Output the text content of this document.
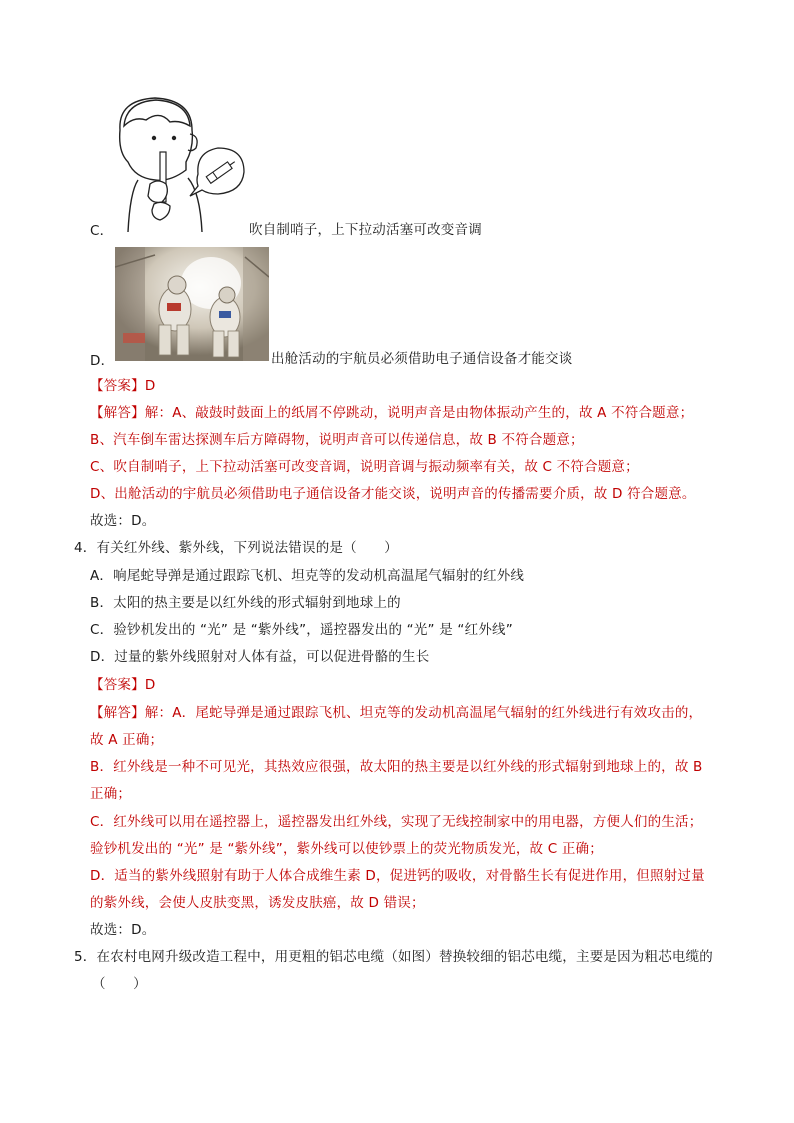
C．	吹自制哨子，上下拉动活塞可改变音调
D．	出舱活动的宇航员必须借助电子通信设备才能交谈
【答案】D
【解答】解：A、敲鼓时鼓面上的纸屑不停跳动，说明声音是由物体振动产生的，故 A 不符合题意；
B、汽车倒车雷达探测车后方障碍物，说明声音可以传递信息，故 B 不符合题意；
C、吹自制哨子，上下拉动活塞可改变音调，说明音调与振动频率有关，故 C 不符合题意；
D、出舱活动的宇航员必须借助电子通信设备才能交谈，说明声音的传播需要介质，故 D 符合题意。
故选：D。
4．有关红外线、紫外线，下列说法错误的是（　　）
A．响尾蛇导弹是通过跟踪飞机、坦克等的发动机高温尾气辐射的红外线
B．太阳的热主要是以红外线的形式辐射到地球上的
C．验钞机发出的 “光” 是 “紫外线”，遥控器发出的 “光” 是 “红外线”
D．过量的紫外线照射对人体有益，可以促进骨骼的生长
【答案】D
【解答】解：A．尾蛇导弹是通过跟踪飞机、坦克等的发动机高温尾气辐射的红外线进行有效攻击的，
故 A 正确；
B．红外线是一种不可见光，其热效应很强，故太阳的热主要是以红外线的形式辐射到地球上的，故 B
正确；
C．红外线可以用在遥控器上，遥控器发出红外线，实现了无线控制家中的用电器，方便人们的生活；
验钞机发出的 “光” 是 “紫外线”，紫外线可以使钞票上的荧光物质发光，故 C 正确；
D．适当的紫外线照射有助于人体合成维生素 D，促进钙的吸收，对骨骼生长有促进作用，但照射过量
的紫外线，会使人皮肤变黑，诱发皮肤癌，故 D 错误；
故选：D。
5．在农村电网升级改造工程中，用更粗的铝芯电缆（如图）替换较细的铝芯电缆，主要是因为粗芯电缆的
（　　）
